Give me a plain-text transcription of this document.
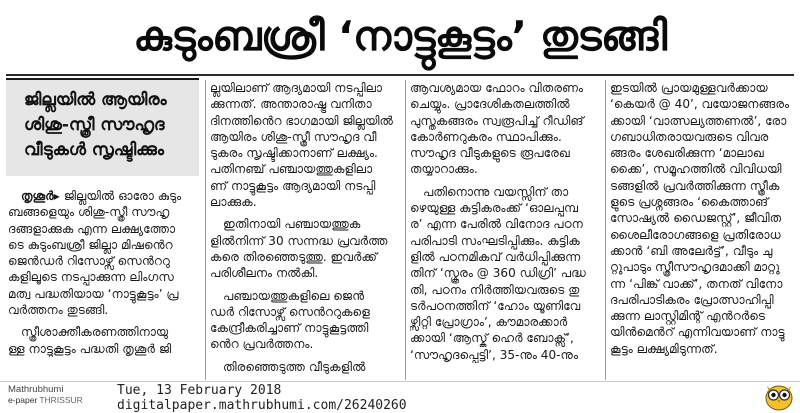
കുടുംബശ്രീ ‘നാട്ടുകൂട്ടം’ തുടങ്ങി
ജില്ലയിൽ ആയിരം
ശിശു-സ്ത്രീ സൗഹൃദ
വീടുകൾ സൃഷ്ടിക്കും
തൃശൂർ▸ ജില്ലയിൽ ഓരോ കുടും
ബങ്ങളെയും ശിശു-സ്ത്രീ സൗഹൃ
ദങ്ങളാക്കുക എന്ന ലക്ഷ്യത്തോ
ടെ കുടുംബശ്രീ ജില്ലാ മിഷൻെറ
ജെൻഡർ റിസോഴ്സ് സെൻററു
കളിലൂടെ നടപ്പാക്കുന്ന ലിംഗസ
മത്വ പദ്ധതിയായ ‘നാട്ടുകൂട്ടം’ പ്ര
വർത്തനം തുടങ്ങി.
സ്ത്രീശാക്തീകരണത്തിനായു
ള്ള നാട്ടുകൂട്ടം പദ്ധതി തൃശൂർ ജി
ല്ലയിലാണ് ആദ്യമായി നടപ്പിലാ
ക്കുന്നത്. അന്താരാഷ്ട്ര വനിതാ
ദിനത്തിൻെറ ഭാഗമായി ജില്ലയിൽ
ആയിരം ശിശു-സ്ത്രീ സൗഹൃദ വീ
ടുകരം സൃഷ്ടിക്കാനാണ് ലക്ഷ്യം.
പതിനഞ്ച് പഞ്ചായത്തുകളിലാ
ണ് നാട്ടുകൂട്ടം ആദ്യമായി നടപ്പി
ലാക്കുക.
ഇതിനായി പഞ്ചായത്തുക
ളിൽനിന്ന് 30 സന്നദ്ധ പ്രവർത്ത
കരെ തിരഞ്ഞെടുത്തു. ഇവർക്ക്
പരിശീലനം നൽകി.
പഞ്ചായത്തുകളിലെ ജെൻ
ഡർ റിസോഴ്സ് സെൻററുകളെ
കേന്ദ്രീകരിച്ചാണ് നാട്ടുകൂട്ടത്തി
ൻെറ പ്രവർത്തനം.
തിരഞ്ഞെടുത്ത വീടുകളിൽ
ആവശ്യമായ ഫോറം വിതരണം
ചെയ്യും. പ്രാദേശികതലത്തിൽ
പുസ്തകങ്ങരം സ്വരൂപിച്ച് റീഡിങ്
കോർണറുകരം സ്ഥാപിക്കും.
സൗഹൃദ വീടുകളുടെ രൂപരേഖ
തയ്യാറാക്കും.
പതിനൊന്നു വയസ്സിന് താ
ഴെയുള്ള കുട്ടികരംക്ക് ‘ഓലപ്പമ്പ
ര’ എന്ന പേരിൽ വിനോദ പഠന
പരിപാടി സംഘടിപ്പിക്കും. കുട്ടിക
ളിൽ പഠനമികവ് വർധിപ്പിക്കുന്ന
തിന് ‘സ്കൂരം @ 360 ഡിഗ്രി’ പദ്ധ
തി, പഠനം നിർത്തിയവരുടെ തു
ടർപഠനത്തിന് ‘ഹോം യൂണിവേ
ഴ്സിറ്റി പ്രോഗ്രാം’, കൗമാരക്കാർ
ക്കായി ‘ആസ്ക് ഹെർ ബോക്സ്’,
‘സൗഹൃദപ്പെട്ടി’, 35-നും 40-നും
ഇടയിൽ പ്രായമുള്ളവർക്കായ
‘കെയർ @ 40’, വയോജനങ്ങരം
ക്കായി ‘വാത്സല്യത്തണൽ’, രോ
ഗബാധിതരായവരുടെ വിവര
ങ്ങരം ശേഖരിക്കുന്ന ‘മാലാഖ
ക്കൈ’, സമൂഹത്തിൽ വിവിധയി
ടങ്ങളിൽ പ്രവർത്തിക്കുന്ന സ്ത്രീക
ളുടെ പ്രശ്നങ്ങരം ‘കൈത്താങ്
സോഷ്യൽ ഡൈജസ്റ്റ്’, ജീവിത
ശൈലീരോഗങ്ങളെ പ്രതിരോധ
ക്കാൻ ‘ബി അലേർട്ട്’, വീടും ചു
റ്റുപാടും സ്ത്രീസൗഹൃദമാക്കി മാറ്റു
ന്ന ‘പിങ്ക് വാക്ക്’, തനത് വിനോ
ദപരിപാടികരം പ്രോത്സാഹിപ്പി
ക്കുന്ന ലാസ്റ്റിമിന്റ് എൻറർടെ
യിൻമെൻറ് എന്നിവയാണ് നാട്ടു
കൂട്ടം ലക്ഷ്യമിടുന്നത്.
Mathrubhumi
e-paper THRISSUR
Tue, 13 February 2018
digitalpaper.mathrubhumi.com/26240260
